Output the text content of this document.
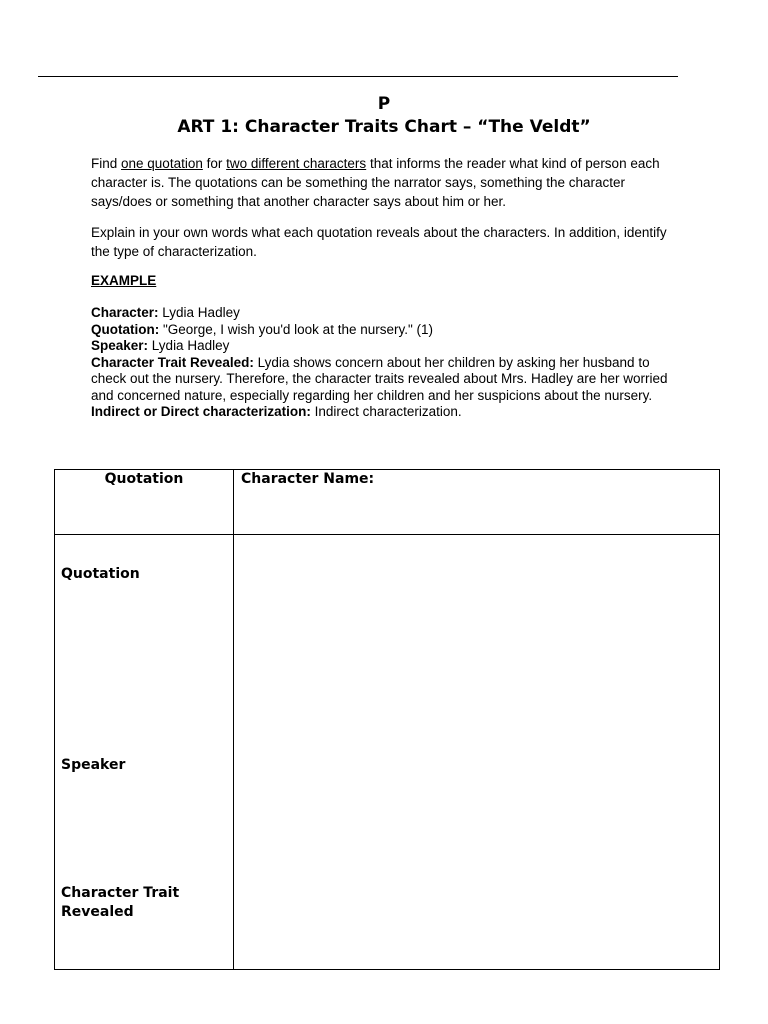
P
ART 1: Character Traits Chart – “The Veldt”

Find one quotation for two different characters that informs the reader what kind of person each character is. The quotations can be something the narrator says, something the character says/does or something that another character says about him or her.

Explain in your own words what each quotation reveals about the characters. In addition, identify the type of characterization.

EXAMPLE
Character: Lydia Hadley
Quotation: "George, I wish you'd look at the nursery." (1)
Speaker: Lydia Hadley
Character Trait Revealed: Lydia shows concern about her children by asking her husband to check out the nursery. Therefore, the character traits revealed about Mrs. Hadley are her worried and concerned nature, especially regarding her children and her suspicions about the nursery.
Indirect or Direct characterization: Indirect characterization.
Quotation	Character Name:
Quotation
Speaker
Character Trait Revealed
